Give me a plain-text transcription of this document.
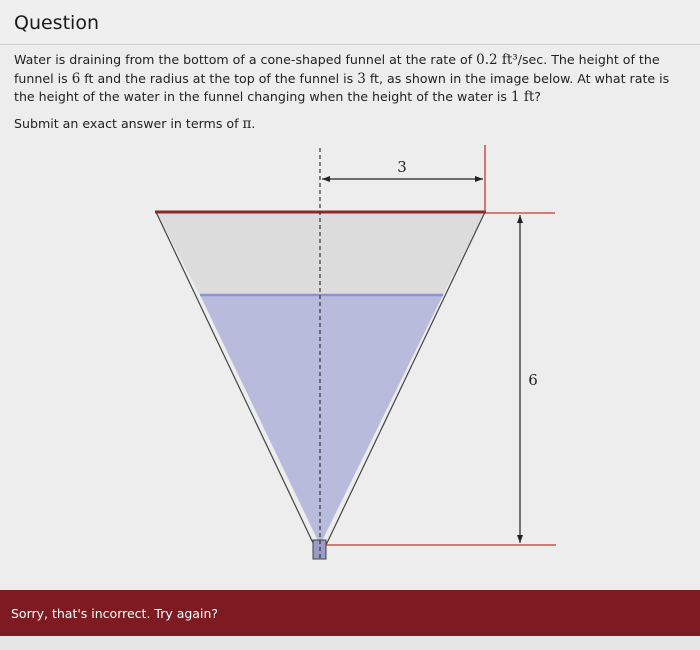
Question
Water is draining from the bottom of a cone-shaped funnel at the rate of 0.2 ft³/sec. The height of the funnel is 6 ft and the radius at the top of the funnel is 3 ft, as shown in the image below. At what rate is the height of the water in the funnel changing when the height of the water is 1 ft?
Submit an exact answer in terms of π.
3
6
Sorry, that's incorrect. Try again?
